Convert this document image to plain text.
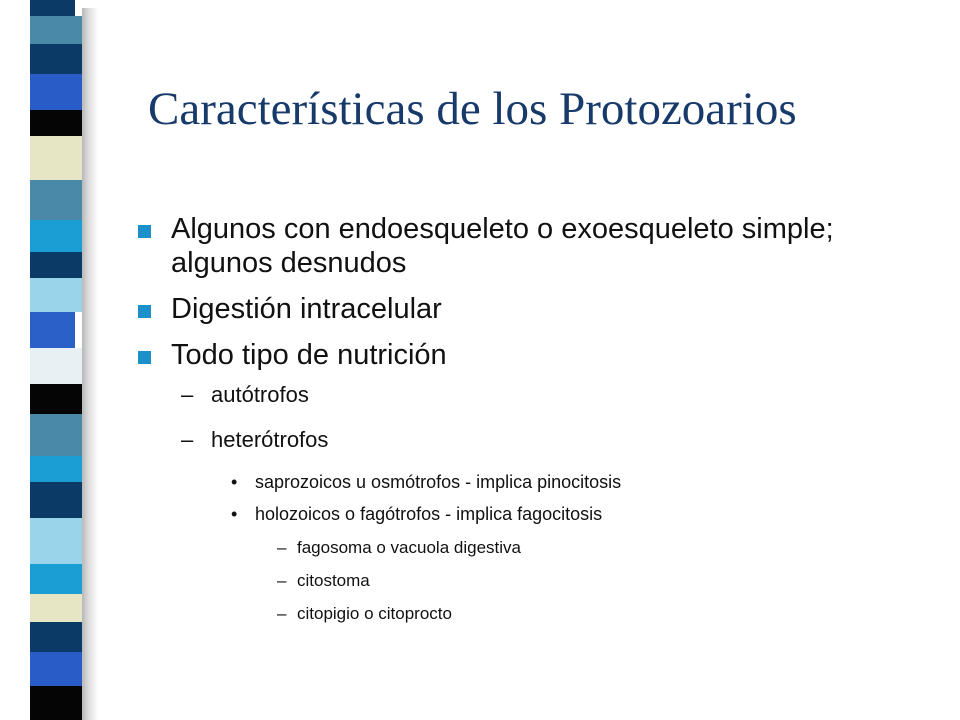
Características de los Protozoarios
Algunos con endoesqueleto o exoesqueleto simple; algunos desnudos
Digestión intracelular
Todo tipo de nutrición
– autótrofos
– heterótrofos
• saprozoicos u osmótrofos - implica pinocitosis
• holozoicos o fagótrofos - implica fagocitosis
– fagosoma o vacuola digestiva
– citostoma
– citopigio o citoprocto
